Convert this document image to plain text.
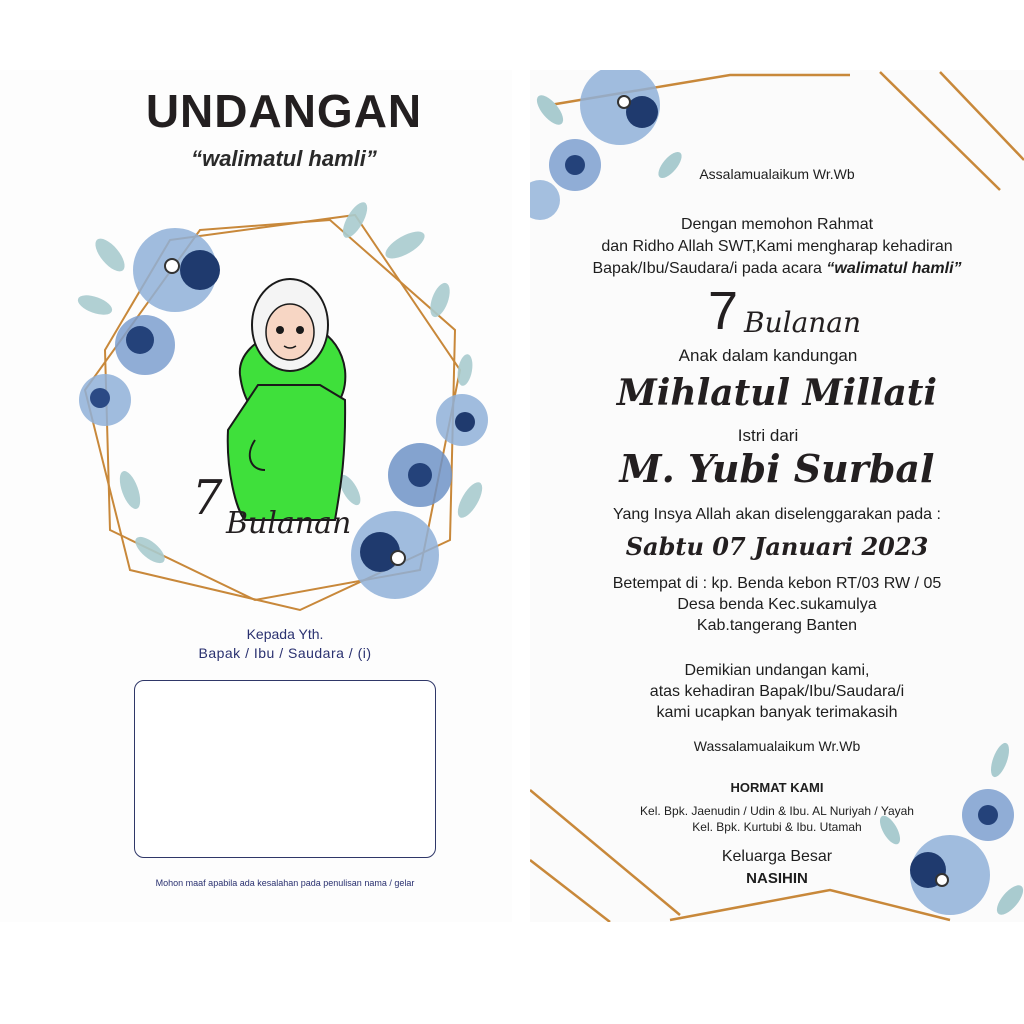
UNDANGAN
“walimatul hamli”
7 Bulanan
Kepada Yth.
Bapak / Ibu / Saudara / (i)
Mohon maaf apabila ada kesalahan pada penulisan nama / gelar
Assalamualaikum Wr.Wb
Dengan memohon Rahmat
dan Ridho Allah SWT,Kami mengharap kehadiran
Bapak/Ibu/Saudara/i pada acara “walimatul hamli”
7 Bulanan
Anak dalam kandungan
Mihlatul Millati
Istri dari
M. Yubi Surbal
Yang Insya Allah akan diselenggarakan pada :
Sabtu 07 Januari 2023
Betempat di : kp. Benda kebon RT/03 RW / 05
Desa benda Kec.sukamulya
Kab.tangerang Banten
Demikian undangan kami,
atas kehadiran Bapak/Ibu/Saudara/i
kami ucapkan banyak terimakasih
Wassalamualaikum Wr.Wb
HORMAT KAMI
Kel. Bpk. Jaenudin / Udin & Ibu. AL Nuriyah / Yayah
Kel. Bpk. Kurtubi & Ibu. Utamah
Keluarga Besar
NASIHIN
